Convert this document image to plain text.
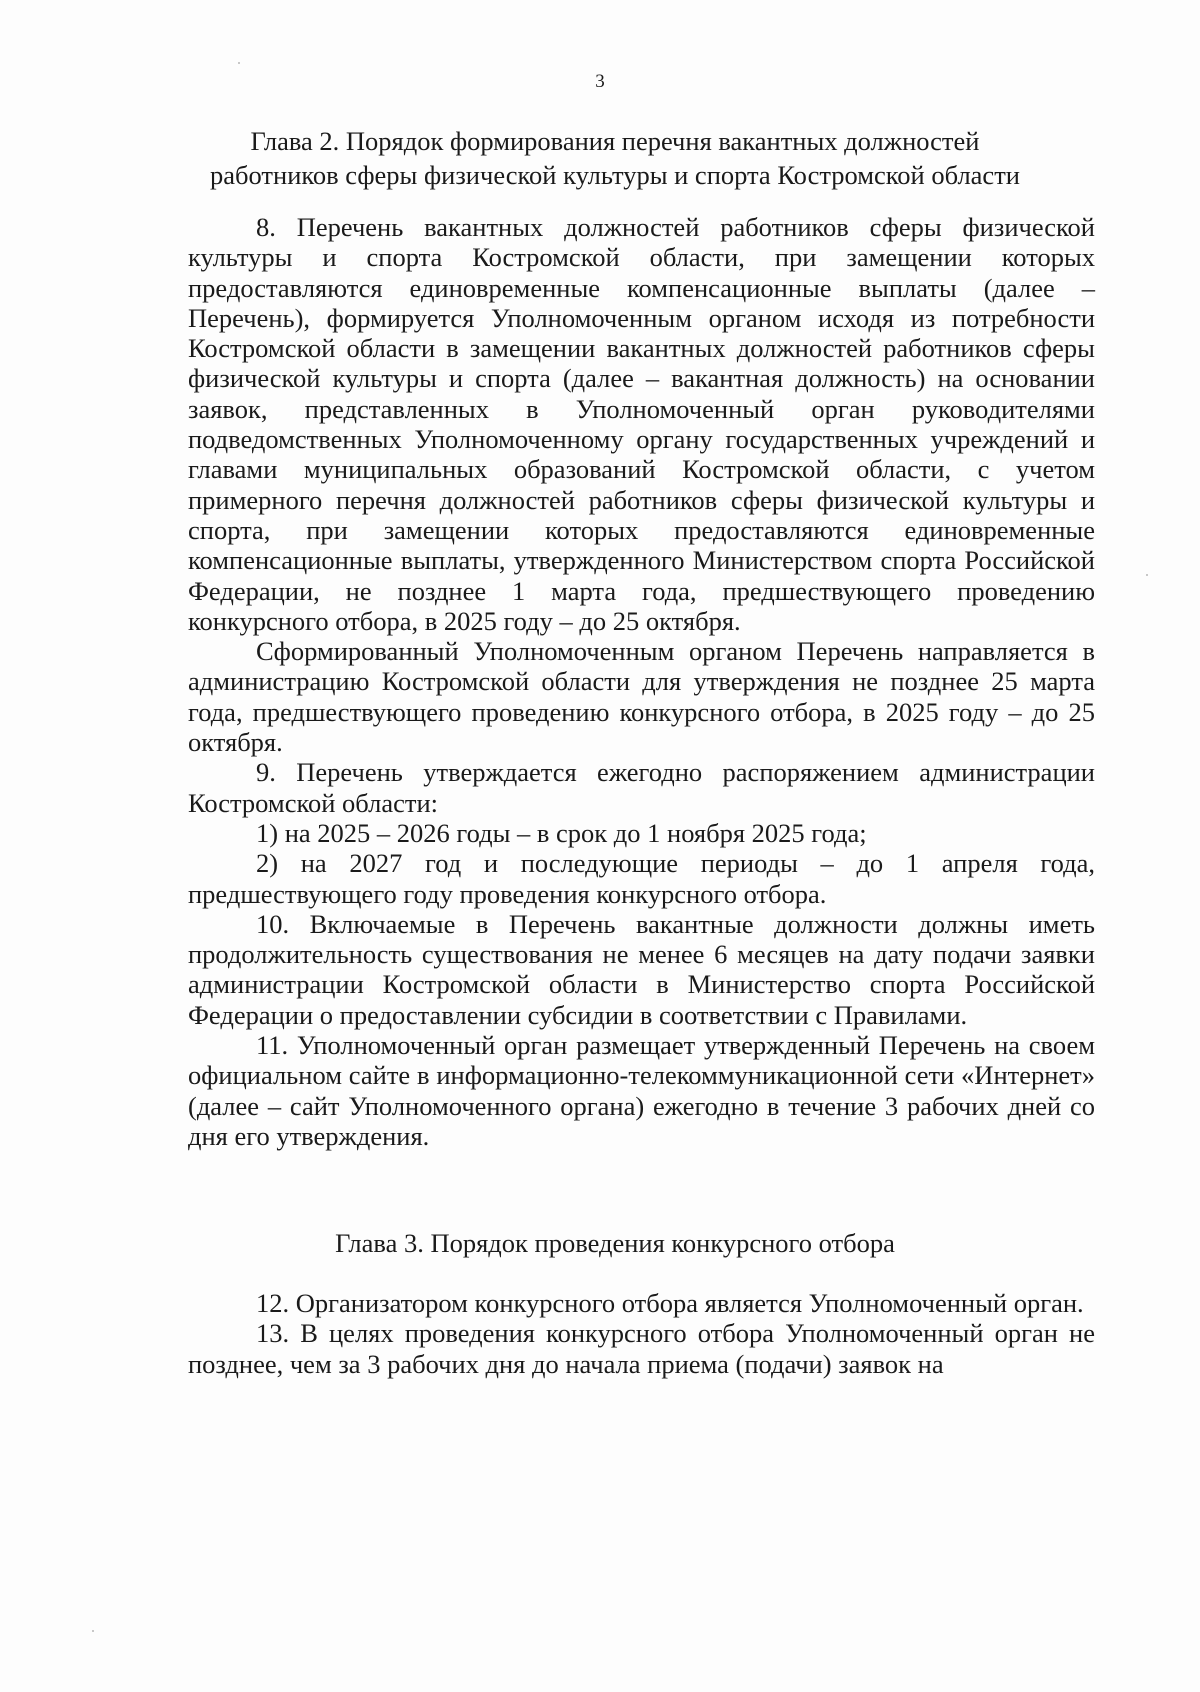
3
Глава 2. Порядок формирования перечня вакантных должностей
работников сферы физической культуры и спорта Костромской области

8. Перечень вакантных должностей работников сферы физической культуры и спорта Костромской области, при замещении которых предоставляются единовременные компенсационные выплаты (далее – Перечень), формируется Уполномоченным органом исходя из потребности Костромской области в замещении вакантных должностей работников сферы физической культуры и спорта (далее – вакантная должность) на основании заявок, представленных в Уполномоченный орган руководителями подведомственных Уполномоченному органу государственных учреждений и главами муниципальных образований Костромской области, с учетом примерного перечня должностей работников сферы физической культуры и спорта, при замещении которых предоставляются единовременные компенсационные выплаты, утвержденного Министерством спорта Российской Федерации, не позднее 1 марта года, предшествующего проведению конкурсного отбора, в 2025 году – до 25 октября.

Сформированный Уполномоченным органом Перечень направляется в администрацию Костромской области для утверждения не позднее 25 марта года, предшествующего проведению конкурсного отбора, в 2025 году – до 25 октября.

9. Перечень утверждается ежегодно распоряжением администрации Костромской области:

1) на 2025 – 2026 годы – в срок до 1 ноября 2025 года;

2) на 2027 год и последующие периоды – до 1 апреля года, предшествующего году проведения конкурсного отбора.

10. Включаемые в Перечень вакантные должности должны иметь продолжительность существования не менее 6 месяцев на дату подачи заявки администрации Костромской области в Министерство спорта Российской Федерации о предоставлении субсидии в соответствии с Правилами.

11. Уполномоченный орган размещает утвержденный Перечень на своем официальном сайте в информационно-телекоммуникационной сети «Интернет» (далее – сайт Уполномоченного органа) ежегодно в течение 3 рабочих дней со дня его утверждения.

Глава 3. Порядок проведения конкурсного отбора

12. Организатором конкурсного отбора является Уполномоченный орган.

13. В целях проведения конкурсного отбора Уполномоченный орган не позднее, чем за 3 рабочих дня до начала приема (подачи) заявок на
